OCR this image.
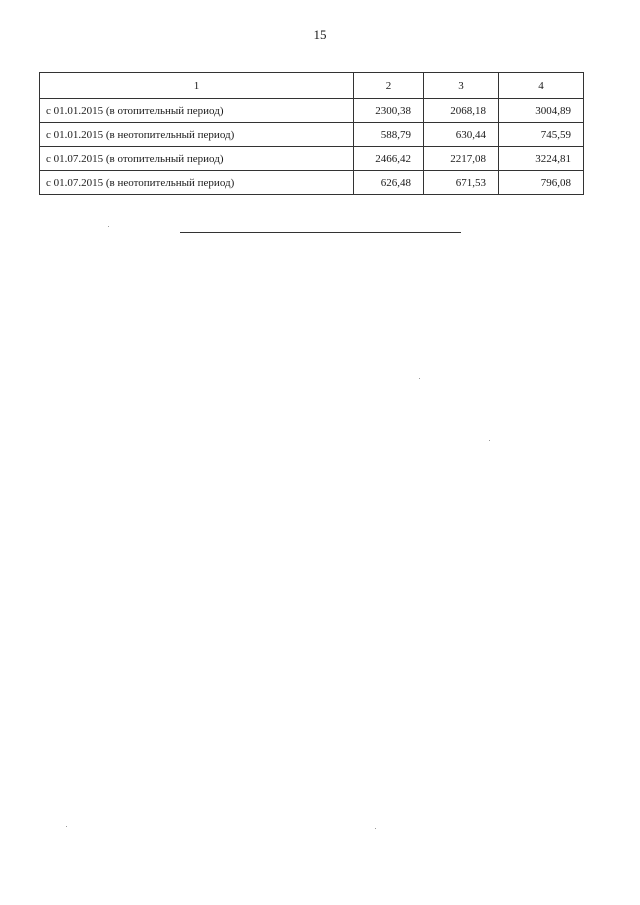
15
1	2	3	4
с 01.01.2015 (в отопительный период)	2300,38	2068,18	3004,89
с 01.01.2015 (в неотопительный период)	588,79	630,44	745,59
с 01.07.2015 (в отопительный период)	2466,42	2217,08	3224,81
с 01.07.2015 (в неотопительный период)	626,48	671,53	796,08
